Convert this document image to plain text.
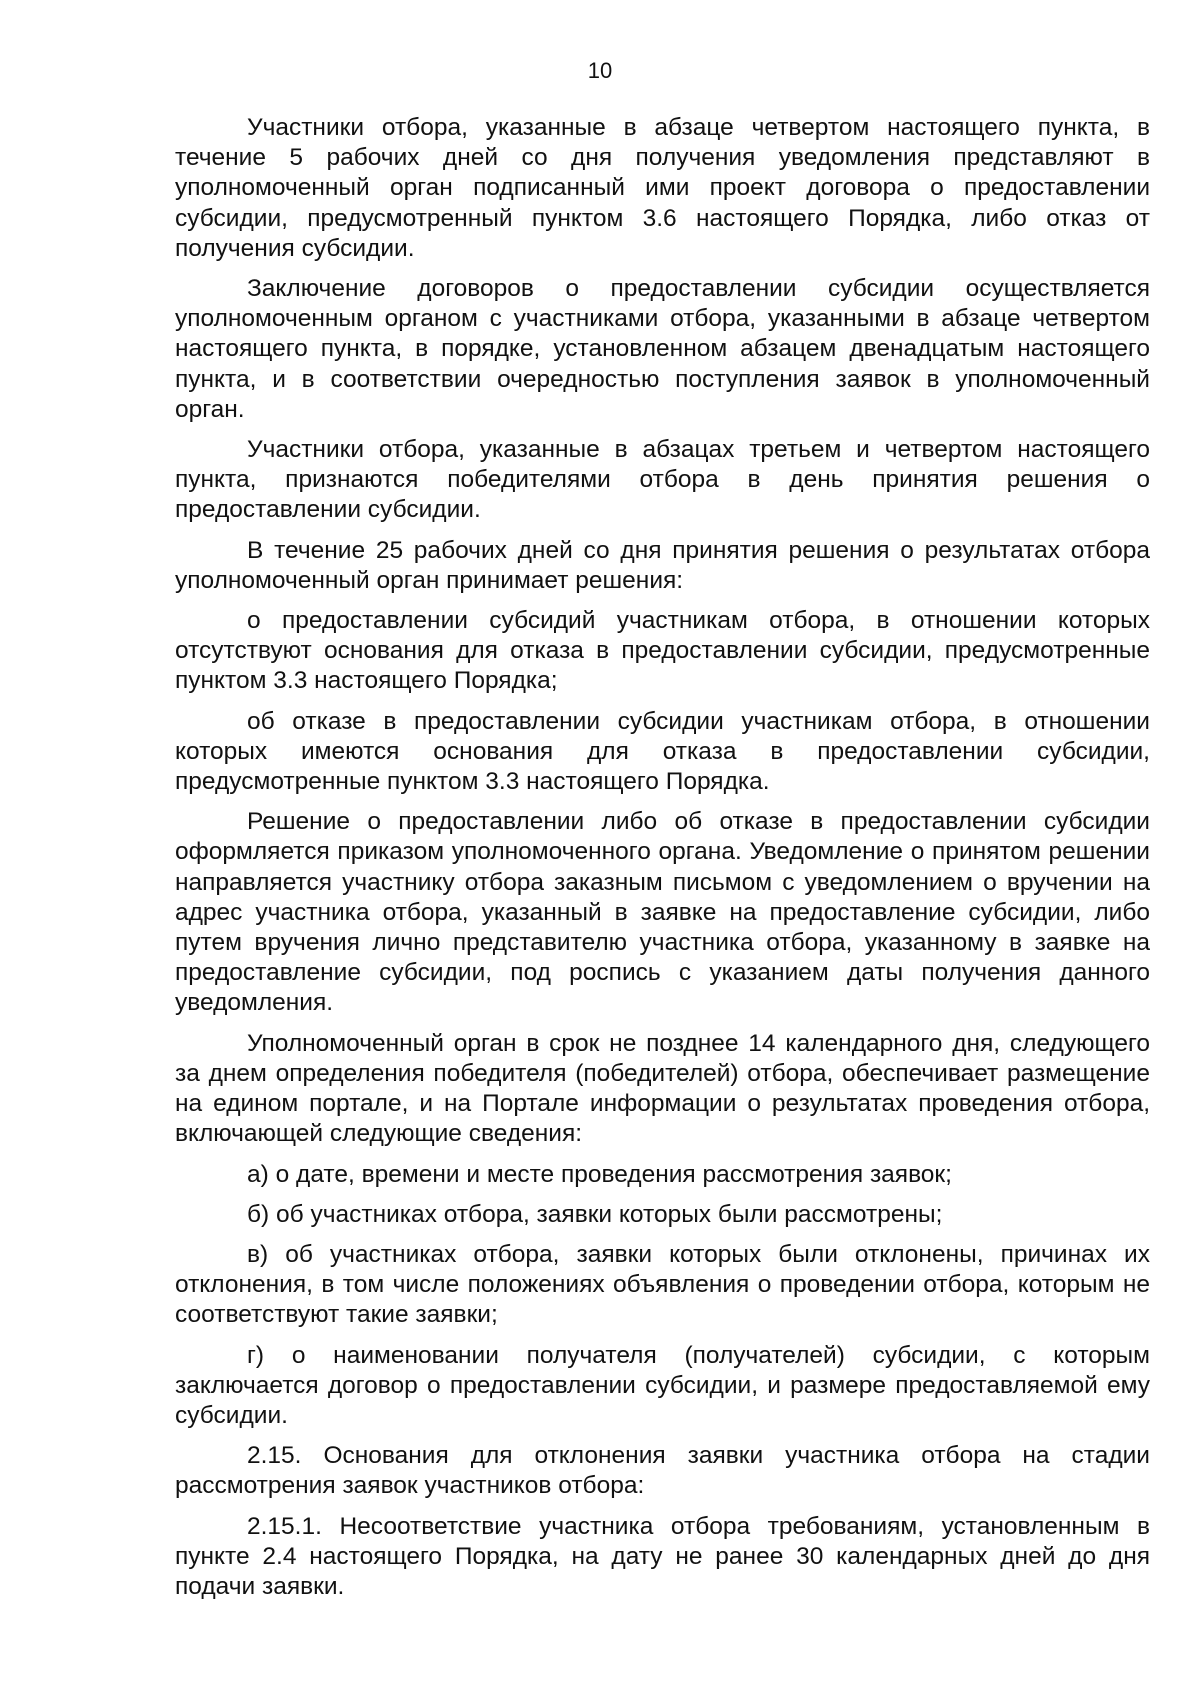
10

Участники отбора, указанные в абзаце четвертом настоящего пункта, в течение 5 рабочих дней со дня получения уведомления представляют в уполномоченный орган подписанный ими проект договора о предоставлении субсидии, предусмотренный пунктом 3.6 настоящего Порядка, либо отказ от получения субсидии.

Заключение договоров о предоставлении субсидии осуществляется уполномоченным органом с участниками отбора, указанными в абзаце четвертом настоящего пункта, в порядке, установленном абзацем двенадцатым настоящего пункта, и в соответствии очередностью поступления заявок в уполномоченный орган.

Участники отбора, указанные в абзацах третьем и четвертом настоящего пункта, признаются победителями отбора в день принятия решения о предоставлении субсидии.

В течение 25 рабочих дней со дня принятия решения о результатах отбора уполномоченный орган принимает решения:

о предоставлении субсидий участникам отбора, в отношении которых отсутствуют основания для отказа в предоставлении субсидии, предусмотренные пунктом 3.3 настоящего Порядка;

об отказе в предоставлении субсидии участникам отбора, в отношении которых имеются основания для отказа в предоставлении субсидии, предусмотренные пунктом 3.3 настоящего Порядка.

Решение о предоставлении либо об отказе в предоставлении субсидии оформляется приказом уполномоченного органа. Уведомление о принятом решении направляется участнику отбора заказным письмом с уведомлением о вручении на адрес участника отбора, указанный в заявке на предоставление субсидии, либо путем вручения лично представителю участника отбора, указанному в заявке на предоставление субсидии, под роспись с указанием даты получения данного уведомления.

Уполномоченный орган в срок не позднее 14 календарного дня, следующего за днем определения победителя (победителей) отбора, обеспечивает размещение на едином портале, и на Портале информации о результатах проведения отбора, включающей следующие сведения:

а) о дате, времени и месте проведения рассмотрения заявок;

б) об участниках отбора, заявки которых были рассмотрены;

в) об участниках отбора, заявки которых были отклонены, причинах их отклонения, в том числе положениях объявления о проведении отбора, которым не соответствуют такие заявки;

г) о наименовании получателя (получателей) субсидии, с которым заключается договор о предоставлении субсидии, и размере предоставляемой ему субсидии.

2.15. Основания для отклонения заявки участника отбора на стадии рассмотрения заявок участников отбора:

2.15.1. Несоответствие участника отбора требованиям, установленным в пункте 2.4 настоящего Порядка, на дату не ранее 30 календарных дней до дня подачи заявки.
